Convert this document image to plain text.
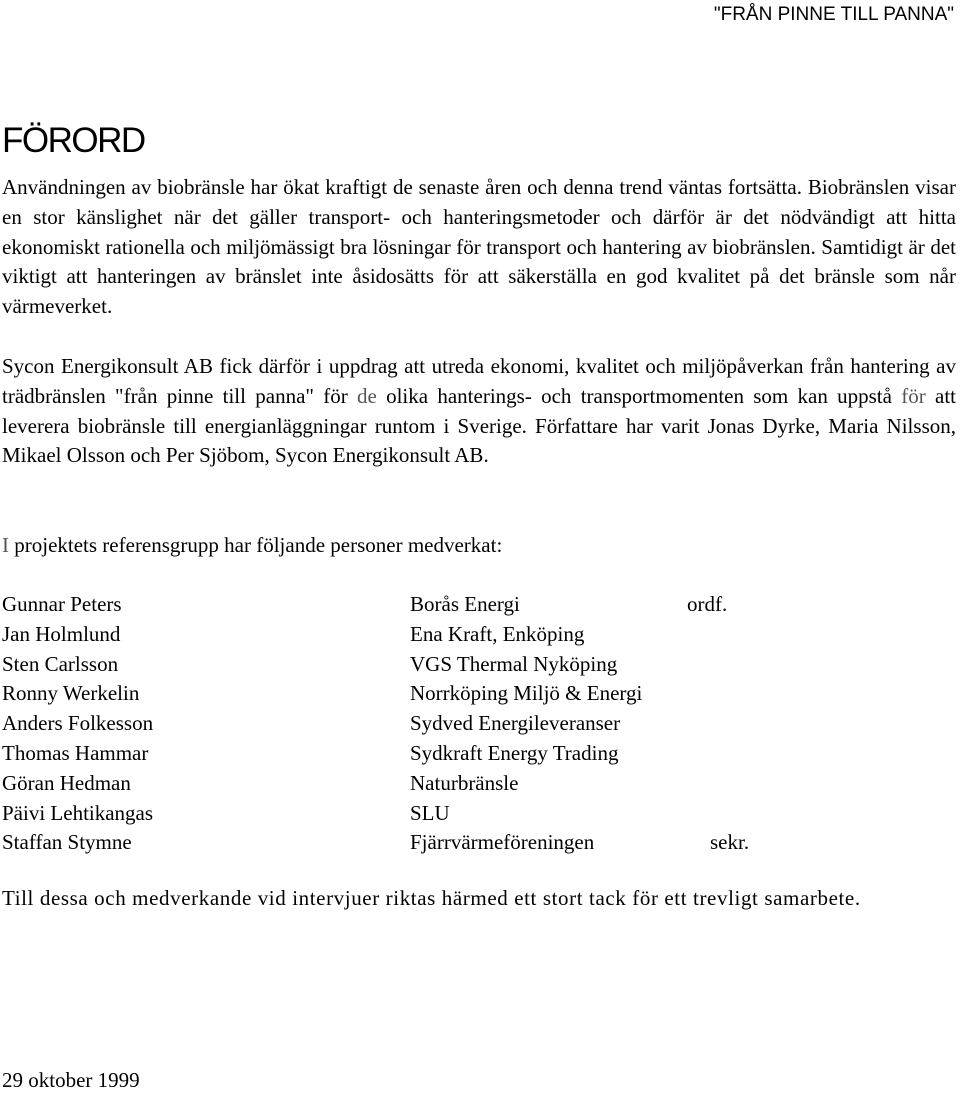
"FRÅN PINNE TILL PANNA"
FÖRORD

Användningen av biobränsle har ökat kraftigt de senaste åren och denna trend väntas fortsätta. Biobränslen visar en stor känslighet när det gäller transport- och hanteringsmetoder och därför är det nödvändigt att hitta ekonomiskt rationella och miljömässigt bra lösningar för transport och hantering av biobränslen. Samtidigt är det viktigt att hanteringen av bränslet inte åsidosätts för att säkerställa en god kvalitet på det bränsle som når värmeverket.

Sycon Energikonsult AB fick därför i uppdrag att utreda ekonomi, kvalitet och miljöpåverkan från hantering av trädbränslen "från pinne till panna" för de olika hanterings- och transportmomenten som kan uppstå för att leverera biobränsle till energianläggningar runtom i Sverige. Författare har varit Jonas Dyrke, Maria Nilsson, Mikael Olsson och Per Sjöbom, Sycon Energikonsult AB.

I projektets referensgrupp har följande personer medverkat:

Gunnar Peters	Borås Energi	ordf.
Jan Holmlund	Ena Kraft, Enköping
Sten Carlsson	VGS Thermal Nyköping
Ronny Werkelin	Norrköping Miljö & Energi
Anders Folkesson	Sydved Energileveranser
Thomas Hammar	Sydkraft Energy Trading
Göran Hedman	Naturbränsle
Päivi Lehtikangas	SLU
Staffan Stymne	Fjärrvärmeföreningen	sekr.

Till dessa och medverkande vid intervjuer riktas härmed ett stort tack för ett trevligt samarbete.

29 oktober 1999
